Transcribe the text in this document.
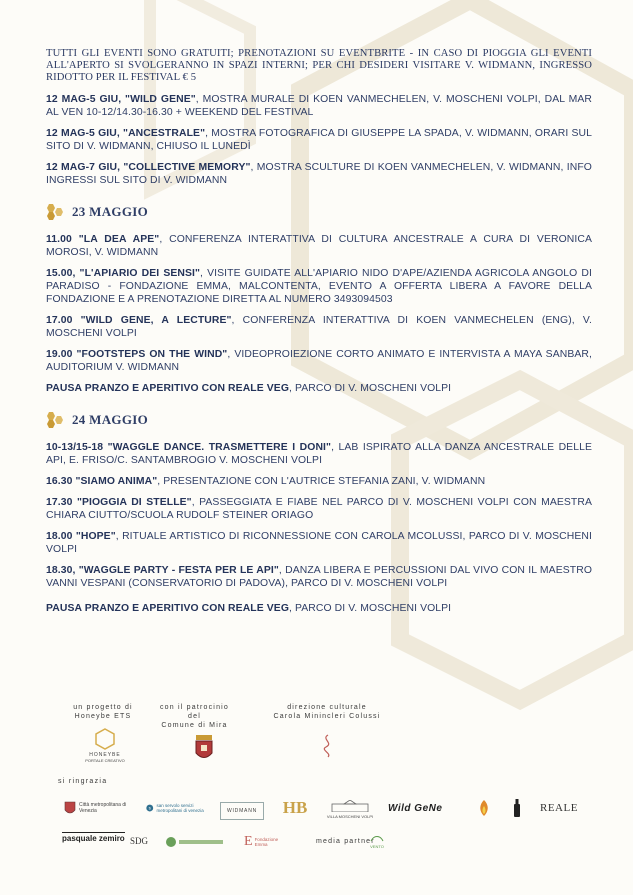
TUTTI GLI EVENTI SONO GRATUITI; PRENOTAZIONI SU EVENTBRITE - IN CASO DI PIOGGIA GLI EVENTI ALL'APERTO SI SVOLGERANNO IN SPAZI INTERNI; PER CHI DESIDERI VISITARE V. WIDMANN, INGRESSO RIDOTTO PER IL FESTIVAL € 5

12 MAG-5 GIU, "WILD GENE", MOSTRA MURALE DI KOEN VANMECHELEN, V. MOSCHENI VOLPI, DAL MAR AL VEN 10-12/14.30-16.30 + WEEKEND DEL FESTIVAL

12 MAG-5 GIU, "ANCESTRALE", MOSTRA FOTOGRAFICA DI GIUSEPPE LA SPADA, V. WIDMANN, ORARI SUL SITO DI V. WIDMANN, CHIUSO IL LUNEDÌ

12 MAG-7 GIU, "COLLECTIVE MEMORY", MOSTRA SCULTURE DI KOEN VANMECHELEN, V. WIDMANN, INFO INGRESSI SUL SITO DI V. WIDMANN

23 MAGGIO

11.00 "LA DEA APE", CONFERENZA INTERATTIVA DI CULTURA ANCESTRALE A CURA DI VERONICA MOROSI, V. WIDMANN

15.00, "L'APIARIO DEI SENSI", VISITE GUIDATE ALL'APIARIO NIDO D'APE/AZIENDA AGRICOLA ANGOLO DI PARADISO - FONDAZIONE EMMA, MALCONTENTA, EVENTO A OFFERTA LIBERA A FAVORE DELLA FONDAZIONE E A PRENOTAZIONE DIRETTA AL NUMERO 3493094503

17.00 "WILD GENE, A LECTURE", CONFERENZA INTERATTIVA DI KOEN VANMECHELEN (ENG), V. MOSCHENI VOLPI

19.00 "FOOTSTEPS ON THE WIND", VIDEOPROIEZIONE CORTO ANIMATO E INTERVISTA A MAYA SANBAR, AUDITORIUM V. WIDMANN

PAUSA PRANZO E APERITIVO CON REALE VEG, PARCO DI V. MOSCHENI VOLPI

24 MAGGIO

10-13/15-18 "WAGGLE DANCE. TRASMETTERE I DONI", LAB ISPIRATO ALLA DANZA ANCESTRALE DELLE API, E. FRISO/C. SANTAMBROGIO V. MOSCHENI VOLPI

16.30 "SIAMO ANIMA", PRESENTAZIONE CON L'AUTRICE STEFANIA ZANI, V. WIDMANN

17.30 "PIOGGIA DI STELLE", PASSEGGIATA E FIABE NEL PARCO DI V. MOSCHENI VOLPI CON MAESTRA CHIARA CIUTTO/SCUOLA RUDOLF STEINER ORIAGO

18.00 "HOPE", RITUALE ARTISTICO DI RICONNESSIONE CON CAROLA MCOLUSSI, PARCO DI V. MOSCHENI VOLPI

18.30, "WAGGLE PARTY - FESTA PER LE API", DANZA LIBERA E PERCUSSIONI DAL VIVO CON IL MAESTRO VANNI VESPANI (CONSERVATORIO DI PADOVA), PARCO DI V. MOSCHENI VOLPI

PAUSA PRANZO E APERITIVO CON REALE VEG, PARCO DI V. MOSCHENI VOLPI

un progetto di
Honeybe ETS
con il patrocinio del
Comune di Mira
direzione culturale
Carola Minincleri Colussi
HONEYBE
PORTALE CREATIVO
si ringrazia
Città metropolitana di Venezia	s
san servolo servizi metropolitani di venezia	WIDMANN HB	VILLA MOSCHENI VOLPI
Wild GeNe	REALE
pasquale zemiro SDG	E Fondazione Emma	media partner
VENTO
